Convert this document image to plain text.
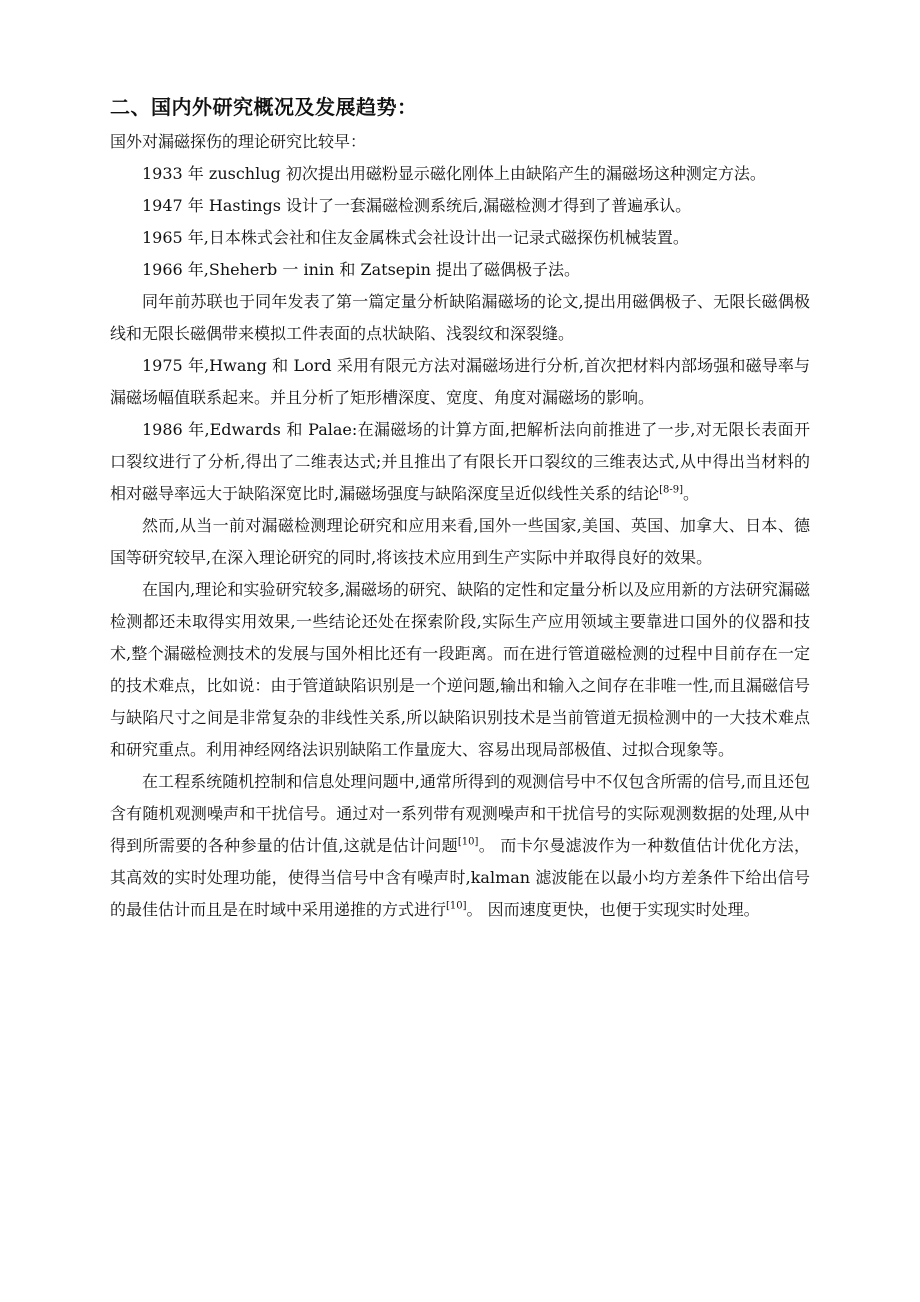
二、国内外研究概况及发展趋势：

国外对漏磁探伤的理论研究比较早：

1933 年 zuschlug 初次提出用磁粉显示磁化刚体上由缺陷产生的漏磁场这种测定方法。

1947 年 Hastings 设计了一套漏磁检测系统后,漏磁检测才得到了普遍承认。

1965 年,日本株式会社和住友金属株式会社设计出一记录式磁探伤机械装置。

1966 年,Sheherb 一 inin 和 Zatsepin 提出了磁偶极子法。

同年前苏联也于同年发表了第一篇定量分析缺陷漏磁场的论文,提出用磁偶极子、无限长磁偶极线和无限长磁偶带来模拟工件表面的点状缺陷、浅裂纹和深裂缝。

1975 年,Hwang 和 Lord 采用有限元方法对漏磁场进行分析,首次把材料内部场强和磁导率与漏磁场幅值联系起来。并且分析了矩形槽深度、宽度、角度对漏磁场的影响。

1986 年,Edwards 和 Palae:在漏磁场的计算方面,把解析法向前推进了一步,对无限长表面开口裂纹进行了分析,得出了二维表达式;并且推出了有限长开口裂纹的三维表达式,从中得出当材料的相对磁导率远大于缺陷深宽比时,漏磁场强度与缺陷深度呈近似线性关系的结论[8-9]。

然而,从当一前对漏磁检测理论研究和应用来看,国外一些国家,美国、英国、加拿大、日本、德国等研究较早,在深入理论研究的同时,将该技术应用到生产实际中并取得良好的效果。

在国内,理论和实验研究较多,漏磁场的研究、缺陷的定性和定量分析以及应用新的方法研究漏磁检测都还未取得实用效果,一些结论还处在探索阶段,实际生产应用领域主要靠进口国外的仪器和技术,整个漏磁检测技术的发展与国外相比还有一段距离。而在进行管道磁检测的过程中目前存在一定的技术难点，比如说：由于管道缺陷识别是一个逆问题,输出和输入之间存在非唯一性,而且漏磁信号与缺陷尺寸之间是非常复杂的非线性关系,所以缺陷识别技术是当前管道无损检测中的一大技术难点和研究重点。利用神经网络法识别缺陷工作量庞大、容易出现局部极值、过拟合现象等。

在工程系统随机控制和信息处理问题中,通常所得到的观测信号中不仅包含所需的信号,而且还包含有随机观测噪声和干扰信号。通过对一系列带有观测噪声和干扰信号的实际观测数据的处理,从中得到所需要的各种参量的估计值,这就是估计问题[10]。 而卡尔曼滤波作为一种数值估计优化方法，其高效的实时处理功能，使得当信号中含有噪声时,kalman 滤波能在以最小均方差条件下给出信号的最佳估计而且是在时域中采用递推的方式进行[10]。 因而速度更快，也便于实现实时处理。
